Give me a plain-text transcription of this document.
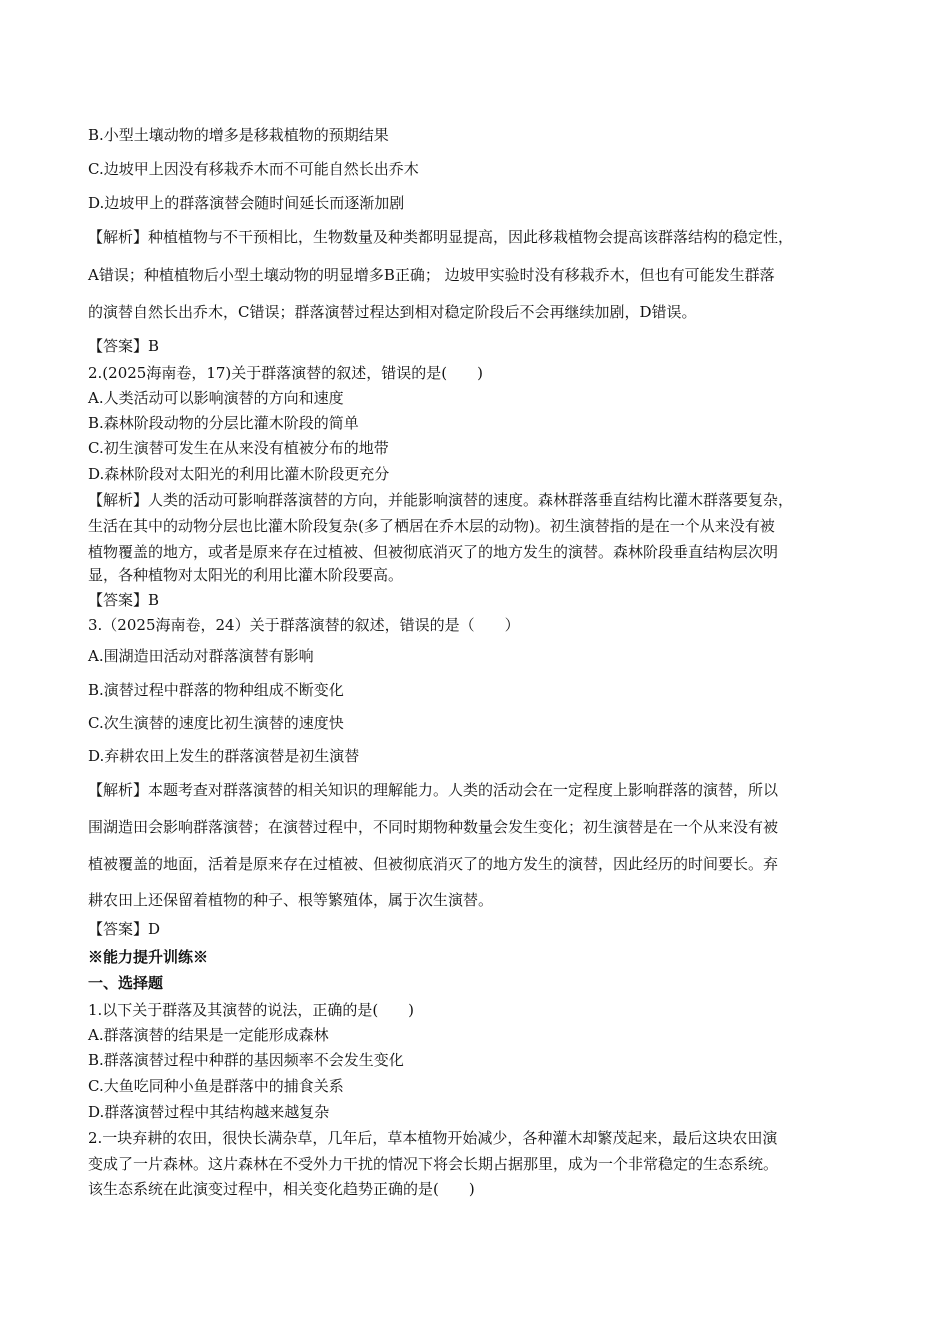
B.小型土壤动物的增多是移栽植物的预期结果

C.边坡甲上因没有移栽乔木而不可能自然长出乔木

D.边坡甲上的群落演替会随时间延长而逐渐加剧

【解析】种植植物与不干预相比，生物数量及种类都明显提高，因此移栽植物会提高该群落结构的稳定性，

A错误；种植植物后小型土壤动物的明显增多B正确； 边坡甲实验时没有移栽乔木，但也有可能发生群落

的演替自然长出乔木，C错误；群落演替过程达到相对稳定阶段后不会再继续加剧，D错误。

【答案】B

2.(2025海南卷，17)关于群落演替的叙述，错误的是(　　)

A.人类活动可以影响演替的方向和速度

B.森林阶段动物的分层比灌木阶段的简单

C.初生演替可发生在从来没有植被分布的地带

D.森林阶段对太阳光的利用比灌木阶段更充分

【解析】人类的活动可影响群落演替的方向，并能影响演替的速度。森林群落垂直结构比灌木群落要复杂，

生活在其中的动物分层也比灌木阶段复杂(多了栖居在乔木层的动物)。初生演替指的是在一个从来没有被

植物覆盖的地方，或者是原来存在过植被、但被彻底消灭了的地方发生的演替。森林阶段垂直结构层次明

显，各种植物对太阳光的利用比灌木阶段要高。

【答案】B

3.（2025海南卷，24）关于群落演替的叙述，错误的是（　　）

A.围湖造田活动对群落演替有影响

B.演替过程中群落的物种组成不断变化

C.次生演替的速度比初生演替的速度快

D.弃耕农田上发生的群落演替是初生演替

【解析】本题考查对群落演替的相关知识的理解能力。人类的活动会在一定程度上影响群落的演替，所以

围湖造田会影响群落演替；在演替过程中，不同时期物种数量会发生变化；初生演替是在一个从来没有被

植被覆盖的地面，活着是原来存在过植被、但被彻底消灭了的地方发生的演替，因此经历的时间要长。弃

耕农田上还保留着植物的种子、根等繁殖体，属于次生演替。

【答案】D

※能力提升训练※

一、选择题

1.以下关于群落及其演替的说法，正确的是(　　)

A.群落演替的结果是一定能形成森林

B.群落演替过程中种群的基因频率不会发生变化

C.大鱼吃同种小鱼是群落中的捕食关系

D.群落演替过程中其结构越来越复杂

2.一块弃耕的农田，很快长满杂草，几年后，草本植物开始减少，各种灌木却繁茂起来，最后这块农田演

变成了一片森林。这片森林在不受外力干扰的情况下将会长期占据那里，成为一个非常稳定的生态系统。

该生态系统在此演变过程中，相关变化趋势正确的是(　　)
